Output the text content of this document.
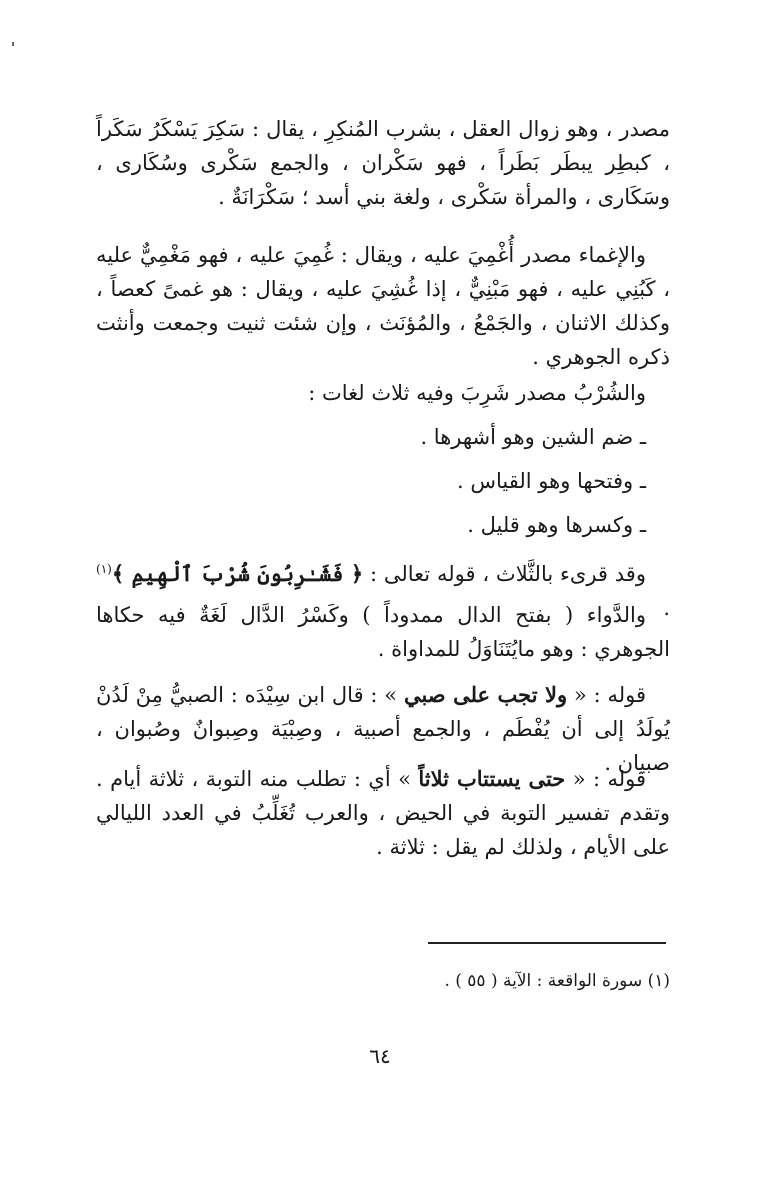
مصدر ، وهو زوال العقل ، بشرب المُنكِرِ ، يقال : سَكِرَ يَسْكَرُ سَكَراً ، كبطِر يبطَر بَطَراً ، فهو سَكْران ، والجمع سَكْرى وسُكَارى ، وسَكَارى ، والمرأة سَكْرى ، ولغة بني أسد ؛ سَكْرَانَةٌ .

والإغماء مصدر أُغْمِيَ عليه ، ويقال : غُمِيَ عليه ، فهو مَغْمِيٌّ عليه ، كَبُنِي عليه ، فهو مَبْنِيٌّ ، إذا غُشِيَ عليه ، ويقال : هو غمىً كعصاً ، وكذلك الاثنان ، والجَمْعُ ، والمُؤنَث ، وإن شئت ثنيت وجمعت وأنثت ذكره الجوهري .

والشُرْبُ مصدر شَرِبَ وفيه ثلاث لغات :

ـ ضم الشين وهو أشهرها .

ـ وفتحها وهو القياس .

ـ وكسرها وهو قليل .

وقد قرىء بالثَّلاث ، قوله تعالى : ﴿ فَشَـٰرِبُونَ شُرْبَ ٱلْهِيمِ ﴾$^{(١)}$ .

والدَّواء ( بفتح الدال ممدوداً ) وكَسْرُ الدَّال لَغَةٌ فيه حكاها الجوهري : وهو مايُتَنَاوَلُ للمداواة .

قوله : « ولا تجب على صبي » : قال ابن سِيْدَه : الصبيُّ مِنْ لَدُنْ يُولَدُ إلى أن يُفْطَم ، والجمع أصبية ، وصِبْيَة وصِبوانٌ وصُبوان ، صبيان .

قوله : « حتى يستتاب ثلاثاً » أي : تطلب منه التوبة ، ثلاثة أيام . وتقدم تفسير التوبة في الحيض ، والعرب تُغَلِّبُ في العدد الليالي على الأيام ، ولذلك لم يقل : ثلاثة .

(١) سورة الواقعة : الآية ( ٥٥ ) .
٦٤
